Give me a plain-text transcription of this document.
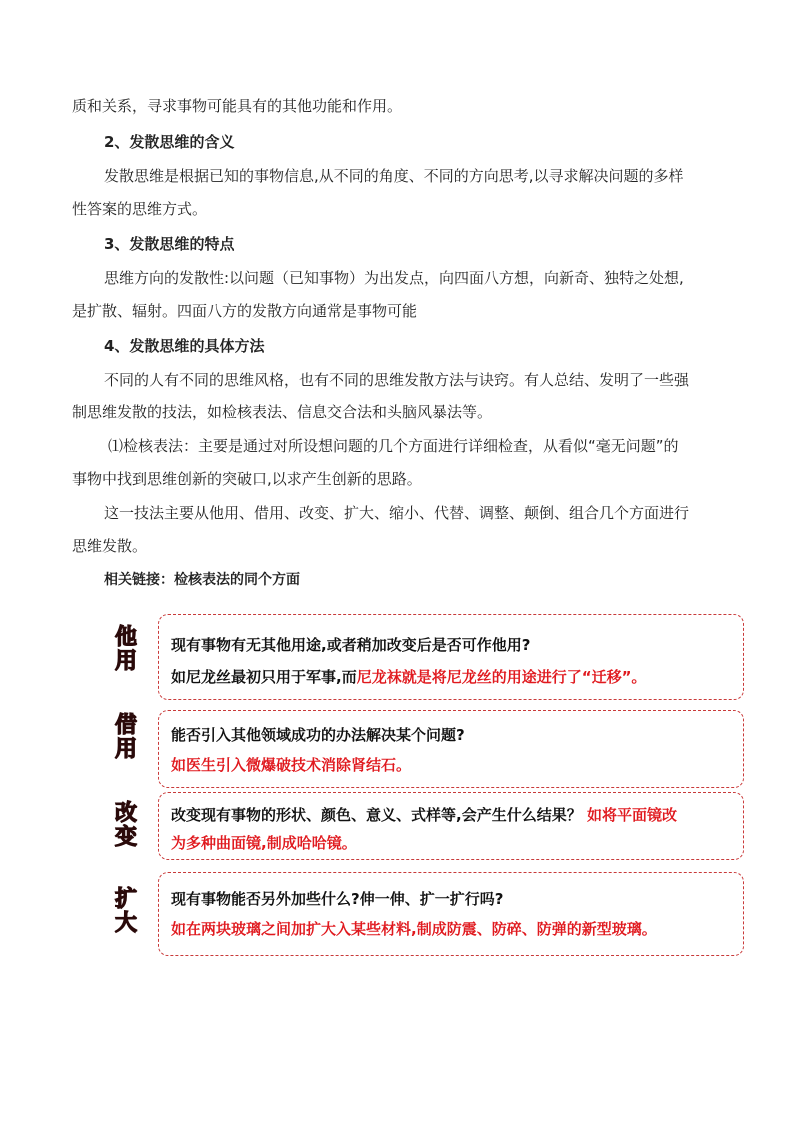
质和关系，寻求事物可能具有的其他功能和作用。
2、发散思维的含义
发散思维是根据已知的事物信息,从不同的角度、不同的方向思考,以寻求解决问题的多样
性答案的思维方式。
3、发散思维的特点
思维方向的发散性:以问题（已知事物）为出发点，向四面八方想，向新奇、独特之处想,
是扩散、辐射。四面八方的发散方向通常是事物可能
4、发散思维的具体方法
不同的人有不同的思维风格，也有不同的思维发散方法与诀窍。有人总结、发明了一些强
制思维发散的技法，如检核表法、信息交合法和头脑风暴法等。
⑴检核表法：主要是通过对所设想问题的几个方面进行详细检查，从看似“毫无问题”的
事物中找到思维创新的突破口,以求产生创新的思路。
这一技法主要从他用、借用、改变、扩大、缩小、代替、调整、颠倒、组合几个方面进行
思维发散。
相关链接：检核表法的同个方面
他
用
现有事物有无其他用途,或者稍加改变后是否可作他用?
如尼龙丝最初只用于军事,而尼龙袜就是将尼龙丝的用途进行了“迁移”。
借
用
能否引入其他领域成功的办法解决某个问题?
如医生引入微爆破技术消除肾结石。
改
变
改变现有事物的形状、颜色、意义、式样等,会产生什么结果？ 如将平面镜改
为多种曲面镜,制成哈哈镜。
扩
大
现有事物能否另外加些什么?伸一伸、扩一扩行吗?
如在两块玻璃之间加扩大入某些材料,制成防震、防碎、防弹的新型玻璃。
